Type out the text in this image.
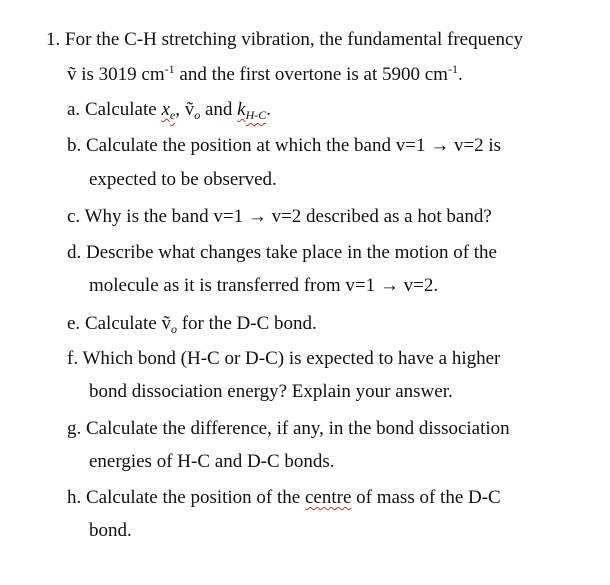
1. For the C-H stretching vibration, the fundamental frequency
ṽ is 3019 $cm^{-1}$ and the first overtone is at 5900 $cm^{-1}$.
a. Calculate $x_e$, ṽ$_o$ and $k_{H-C}$.
b. Calculate the position at which the band v=1 → v=2 is
expected to be observed.
c. Why is the band v=1 → v=2 described as a hot band?
d. Describe what changes take place in the motion of the
molecule as it is transferred from v=1 → v=2.
e. Calculate ṽ$_o$ for the D-C bond.
f. Which bond (H-C or D-C) is expected to have a higher
bond dissociation energy? Explain your answer.
g. Calculate the difference, if any, in the bond dissociation
energies of H-C and D-C bonds.
h. Calculate the position of the centre of mass of the D-C
bond.
